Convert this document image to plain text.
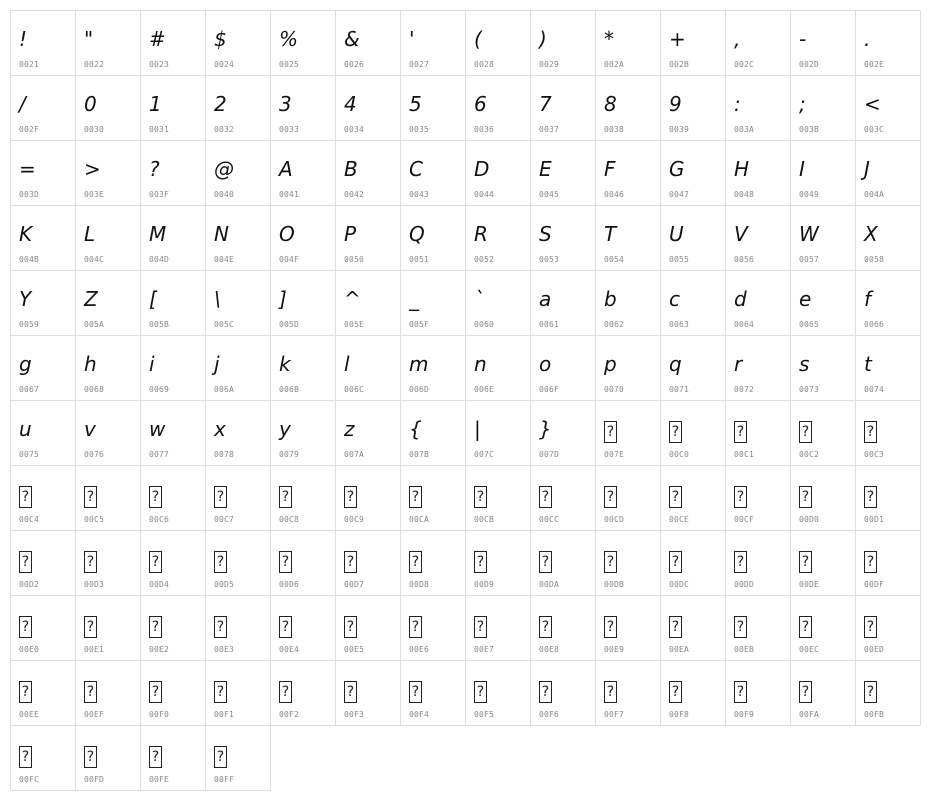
!
0021
"
0022
#
0023
$
0024
%
0025
&
0026
'
0027
(
0028
)
0029
*
002A
+
002B
,
002C
-
002D
.
002E
/
002F
0
0030
1
0031
2
0032
3
0033
4
0034
5
0035
6
0036
7
0037
8
0038
9
0039
:
003A
;
003B
<
003C
=
003D
>
003E
?
003F
@
0040
A
0041
B
0042
C
0043
D
0044
E
0045
F
0046
G
0047
H
0048
I
0049
J
004A
K
004B
L
004C
M
004D
N
004E
O
004F
P
0050
Q
0051
R
0052
S
0053
T
0054
U
0055
V
0056
W
0057
X
0058
Y
0059
Z
005A
[
005B
\
005C
]
005D
^
005E
_
005F
`
0060
a
0061
b
0062
c
0063
d
0064
e
0065
f
0066
g
0067
h
0068
i
0069
j
006A
k
006B
l
006C
m
006D
n
006E
o
006F
p
0070
q
0071
r
0072
s
0073
t
0074
u
0075
v
0076
w
0077
x
0078
y
0079
z
007A
{
007B
|
007C
}
007D
?
007E
?
00C0
?
00C1
?
00C2
?
00C3
?
00C4
?
00C5
?
00C6
?
00C7
?
00C8
?
00C9
?
00CA
?
00CB
?
00CC
?
00CD
?
00CE
?
00CF
?
00D0
?
00D1
?
00D2
?
00D3
?
00D4
?
00D5
?
00D6
?
00D7
?
00D8
?
00D9
?
00DA
?
00DB
?
00DC
?
00DD
?
00DE
?
00DF
?
00E0
?
00E1
?
00E2
?
00E3
?
00E4
?
00E5
?
00E6
?
00E7
?
00E8
?
00E9
?
00EA
?
00EB
?
00EC
?
00ED
?
00EE
?
00EF
?
00F0
?
00F1
?
00F2
?
00F3
?
00F4
?
00F5
?
00F6
?
00F7
?
00F8
?
00F9
?
00FA
?
00FB
?
00FC
?
00FD
?
00FE
?
00FF
